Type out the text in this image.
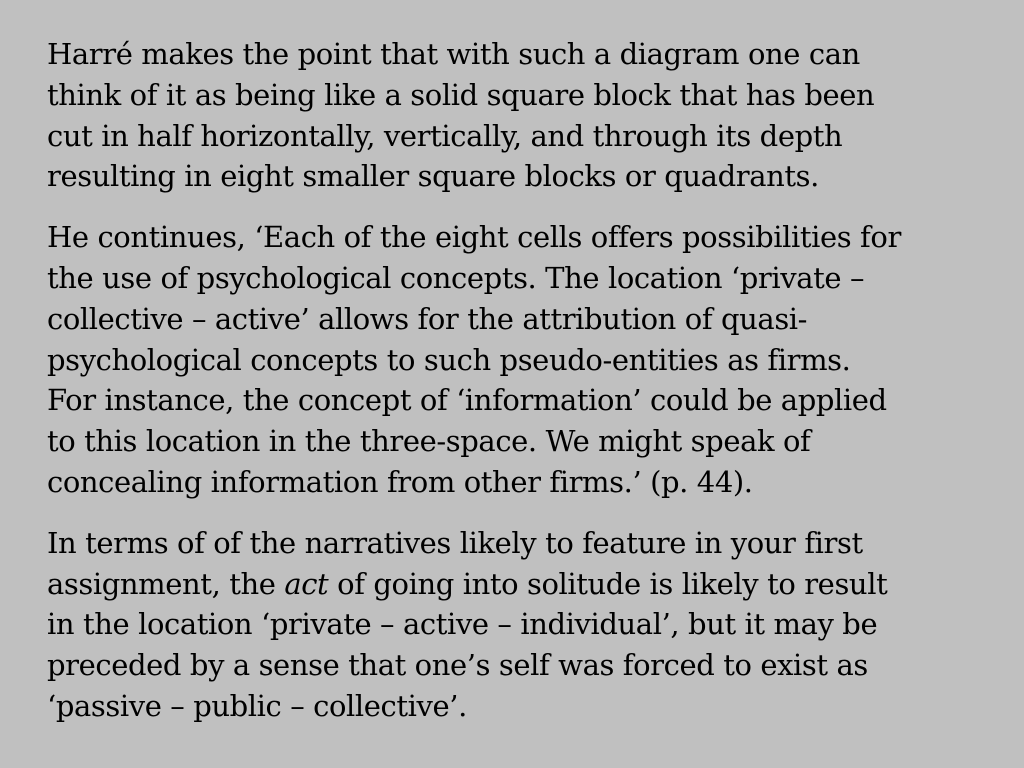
Harré makes the point that with such a diagram one can
think of it as being like a solid square block that has been
cut in half horizontally, vertically, and through its depth
resulting in eight smaller square blocks or quadrants.

He continues, ‘Each of the eight cells offers possibilities for
the use of psychological concepts. The location ‘private –
collective – active’ allows for the attribution of quasi-
psychological concepts to such pseudo-entities as firms.
For instance, the concept of ‘information’ could be applied
to this location in the three-space. We might speak of
concealing information from other firms.’ (p. 44).

In terms of of the narratives likely to feature in your first
assignment, the act of going into solitude is likely to result
in the location ‘private – active – individual’, but it may be
preceded by a sense that one’s self was forced to exist as
‘passive – public – collective’.
